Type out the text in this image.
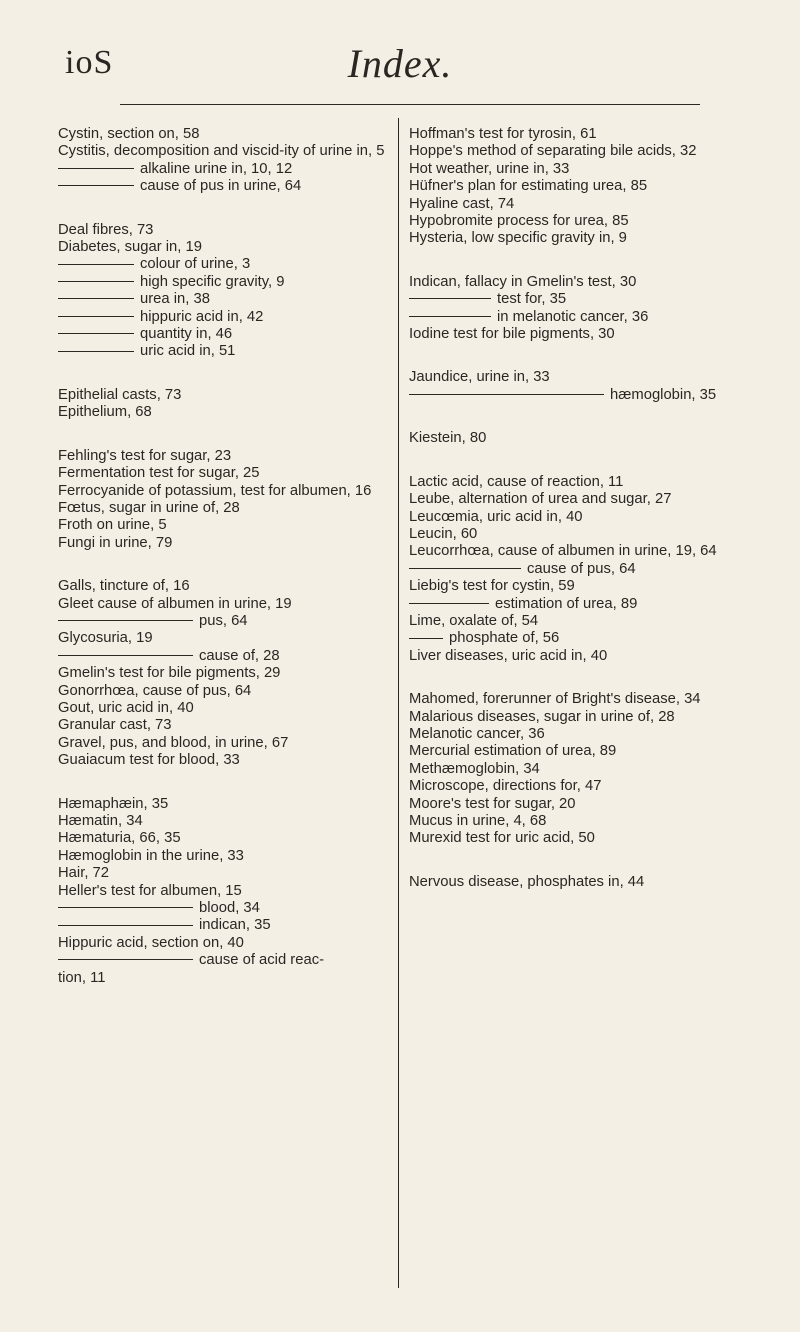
ioS	Index.
Cystin, section on, 58
Cystitis, decomposition and viscid-ity of urine in, 5
alkaline urine in, 10, 12
cause of pus in urine, 64
Deal fibres, 73
Diabetes, sugar in, 19
colour of urine, 3
high specific gravity, 9
urea in, 38
hippuric acid in, 42
quantity in, 46
uric acid in, 51
Epithelial casts, 73
Epithelium, 68
Fehling's test for sugar, 23
Fermentation test for sugar, 25
Ferrocyanide of potassium, test for albumen, 16
Fœtus, sugar in urine of, 28
Froth on urine, 5
Fungi in urine, 79
Galls, tincture of, 16
Gleet cause of albumen in urine, 19
pus, 64
Glycosuria, 19
cause of, 28
Gmelin's test for bile pigments, 29
Gonorrhœa, cause of pus, 64
Gout, uric acid in, 40
Granular cast, 73
Gravel, pus, and blood, in urine, 67
Guaiacum test for blood, 33
Hæmaphæin, 35
Hæmatin, 34
Hæmaturia, 66, 35
Hæmoglobin in the urine, 33
Hair, 72
Heller's test for albumen, 15
blood, 34
indican, 35
Hippuric acid, section on, 40
cause of acid reac-
tion, 11
Hoffman's test for tyrosin, 61
Hoppe's method of separating bile acids, 32
Hot weather, urine in, 33
Hüfner's plan for estimating urea, 85
Hyaline cast, 74
Hypobromite process for urea, 85
Hysteria, low specific gravity in, 9
Indican, fallacy in Gmelin's test, 30
test for, 35
in melanotic cancer, 36
Iodine test for bile pigments, 30
Jaundice, urine in, 33
hæmoglobin, 35
Kiestein, 80
Lactic acid, cause of reaction, 11
Leube, alternation of urea and sugar, 27
Leucœmia, uric acid in, 40
Leucin, 60
Leucorrhœa, cause of albumen in urine, 19, 64
cause of pus, 64
Liebig's test for cystin, 59
estimation of urea, 89
Lime, oxalate of, 54
phosphate of, 56
Liver diseases, uric acid in, 40
Mahomed, forerunner of Bright's disease, 34
Malarious diseases, sugar in urine of, 28
Melanotic cancer, 36
Mercurial estimation of urea, 89
Methæmoglobin, 34
Microscope, directions for, 47
Moore's test for sugar, 20
Mucus in urine, 4, 68
Murexid test for uric acid, 50
Nervous disease, phosphates in, 44
